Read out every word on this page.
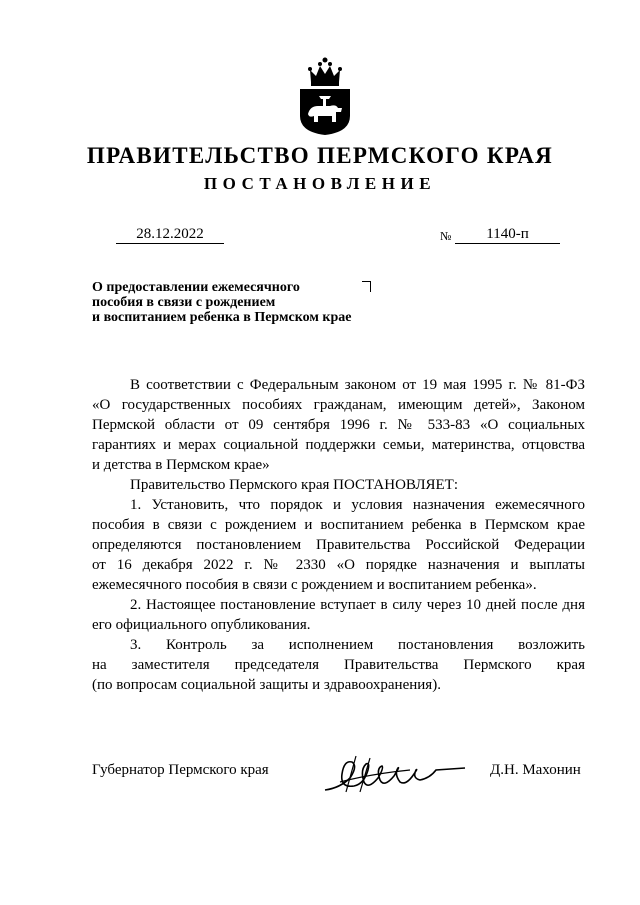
ПРАВИТЕЛЬСТВО ПЕРМСКОГО КРАЯ
ПОСТАНОВЛЕНИЕ
28.12.2022	№	1140-п
О предоставлении ежемесячного
пособия в связи с рождением
и воспитанием ребенка в Пермском крае

В соответствии с Федеральным законом от 19 мая 1995 г. № 81-ФЗ
«О государственных пособиях гражданам, имеющим детей», Законом
Пермской области от 09 сентября 1996 г. № 533-83 «О социальных
гарантиях и мерах социальной поддержки семьи, материнства, отцовства
и детства в Пермском крае»

Правительство Пермского края ПОСТАНОВЛЯЕТ:

1. Установить, что порядок и условия назначения ежемесячного
пособия в связи с рождением и воспитанием ребенка в Пермском крае
определяются постановлением Правительства Российской Федерации
от 16 декабря 2022 г. № 2330 «О порядке назначения и выплаты
ежемесячного пособия в связи с рождением и воспитанием ребенка».

2. Настоящее постановление вступает в силу через 10 дней после дня
его официального опубликования.

3. Контроль за исполнением постановления возложить
на заместителя председателя Правительства Пермского края
(по вопросам социальной защиты и здравоохранения).

Губернатор Пермского края	Д.Н. Махонин
